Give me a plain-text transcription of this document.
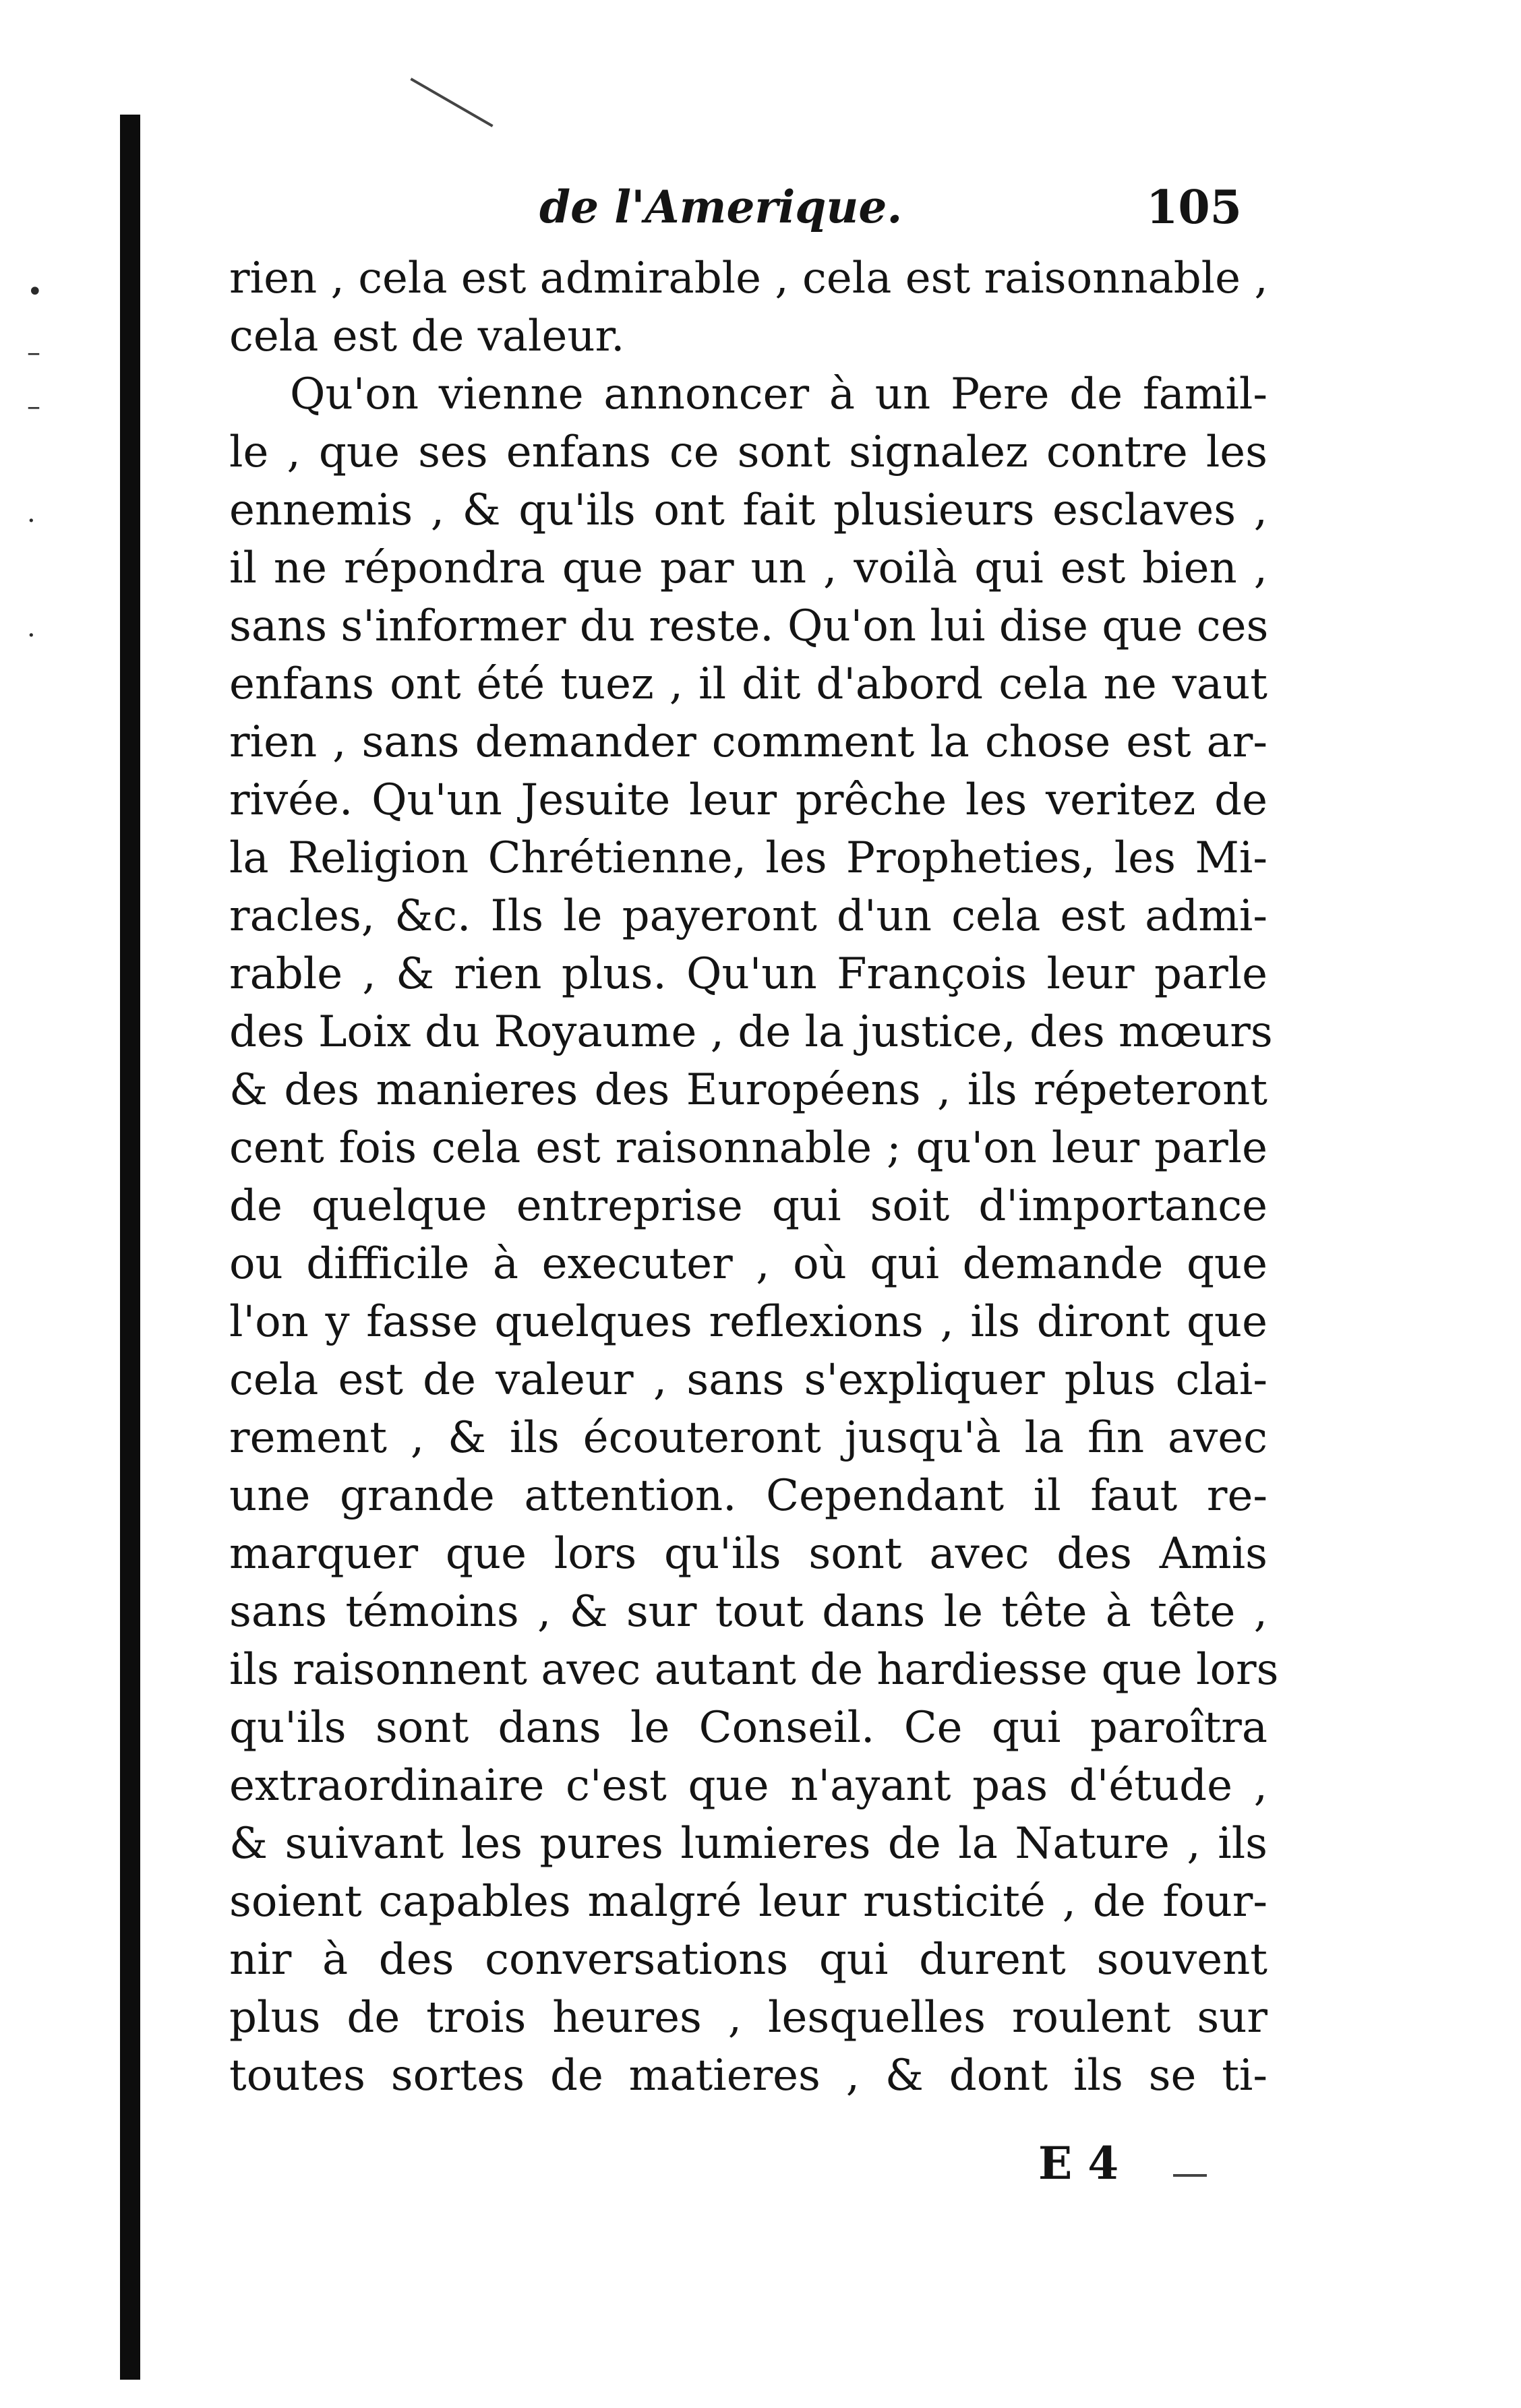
•
–
–
·
·
de l'Amerique.	105
rien , cela est admirable , cela est raisonnable ,
cela est de valeur.
Qu'on vienne annoncer à un Pere de famil-
le , que ses enfans ce sont signalez contre les
ennemis , & qu'ils ont fait plusieurs esclaves ,
il ne répondra que par un , voilà qui est bien ,
sans s'informer du reste. Qu'on lui dise que ces
enfans ont été tuez , il dit d'abord cela ne vaut
rien , sans demander comment la chose est ar-
rivée. Qu'un Jesuite leur prêche les veritez de
la Religion Chrétienne, les Propheties, les Mi-
racles, &c. Ils le payeront d'un cela est admi-
rable , & rien plus. Qu'un François leur parle
des Loix du Royaume , de la justice, des mœurs
& des manieres des Européens , ils répeteront
cent fois cela est raisonnable ; qu'on leur parle
de quelque entreprise qui soit d'importance
ou difficile à executer , où qui demande que
l'on y fasse quelques reflexions , ils diront que
cela est de valeur , sans s'expliquer plus clai-
rement , & ils écouteront jusqu'à la fin avec
une grande attention. Cependant il faut re-
marquer que lors qu'ils sont avec des Amis
sans témoins , & sur tout dans le tête à tête ,
ils raisonnent avec autant de hardiesse que lors
qu'ils sont dans le Conseil. Ce qui paroîtra
extraordinaire c'est que n'ayant pas d'étude ,
& suivant les pures lumieres de la Nature , ils
soient capables malgré leur rusticité , de four-
nir à des conversations qui durent souvent
plus de trois heures , lesquelles roulent sur
toutes sortes de matieres , & dont ils se ti-
E 4
